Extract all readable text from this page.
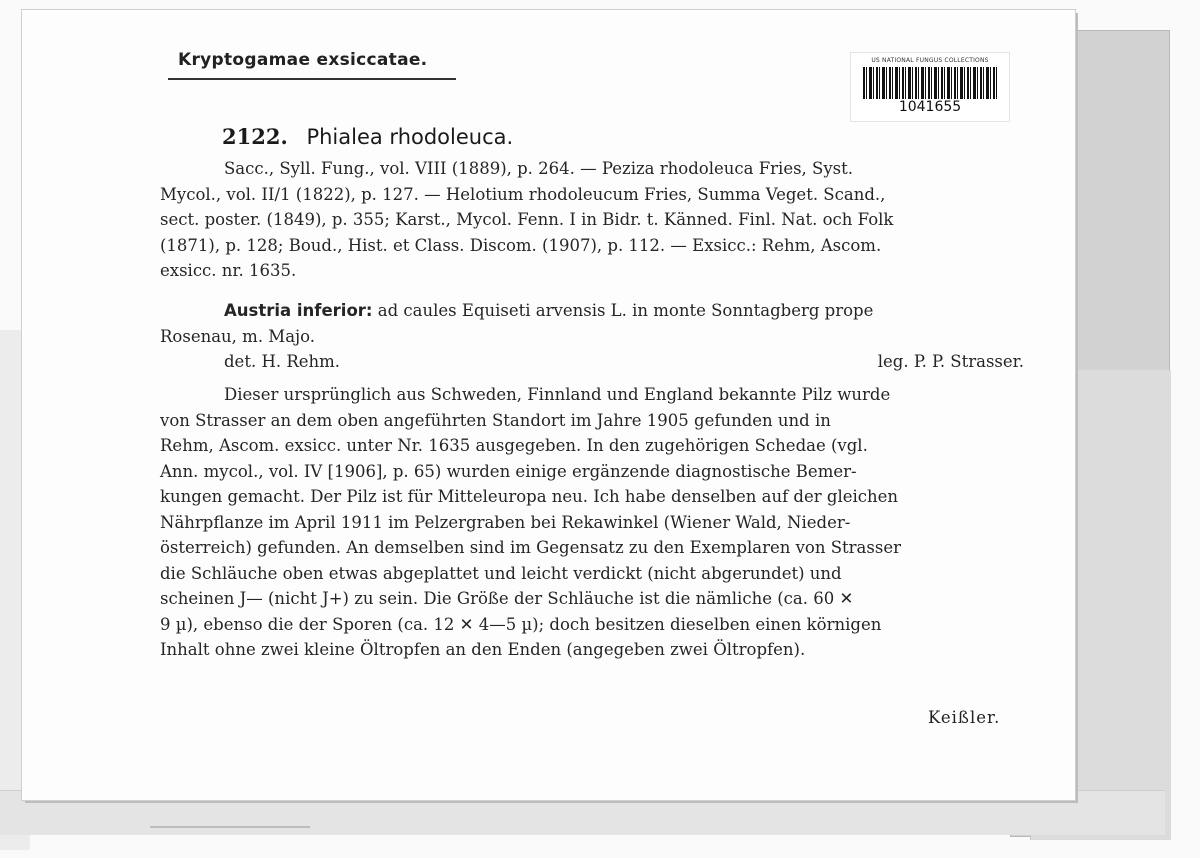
Kryptogamae exsiccatae.	US NATIONAL FUNGUS COLLECTIONS
1041655
2122. Phialea rhodoleuca.
Sacc., Syll. Fung., vol. VIII (1889), p. 264. — Peziza rhodoleuca Fries, Syst.
Mycol., vol. II/1 (1822), p. 127. — Helotium rhodoleucum Fries, Summa Veget. Scand.,
sect. poster. (1849), p. 355; Karst., Mycol. Fenn. I in Bidr. t. Känned. Finl. Nat. och Folk
(1871), p. 128; Boud., Hist. et Class. Discom. (1907), p. 112. — Exsicc.: Rehm, Ascom.
exsicc. nr. 1635.
Austria inferior: ad caules Equiseti arvensis L. in monte Sonntagberg prope
Rosenau, m. Majo.
det. H. Rehm.	leg. P. P. Strasser.
Dieser ursprünglich aus Schweden, Finnland und England bekannte Pilz wurde
von Strasser an dem oben angeführten Standort im Jahre 1905 gefunden und in
Rehm, Ascom. exsicc. unter Nr. 1635 ausgegeben. In den zugehörigen Schedae (vgl.
Ann. mycol., vol. IV [1906], p. 65) wurden einige ergänzende diagnostische Bemer-
kungen gemacht. Der Pilz ist für Mitteleuropa neu. Ich habe denselben auf der gleichen
Nährpflanze im April 1911 im Pelzergraben bei Rekawinkel (Wiener Wald, Nieder-
österreich) gefunden. An demselben sind im Gegensatz zu den Exemplaren von Strasser
die Schläuche oben etwas abgeplattet und leicht verdickt (nicht abgerundet) und
scheinen J— (nicht J+) zu sein. Die Größe der Schläuche ist die nämliche (ca. 60 ✕
9 µ), ebenso die der Sporen (ca. 12 ✕ 4—5 µ); doch besitzen dieselben einen körnigen
Inhalt ohne zwei kleine Öltropfen an den Enden (angegeben zwei Öltropfen).
Keißler.
